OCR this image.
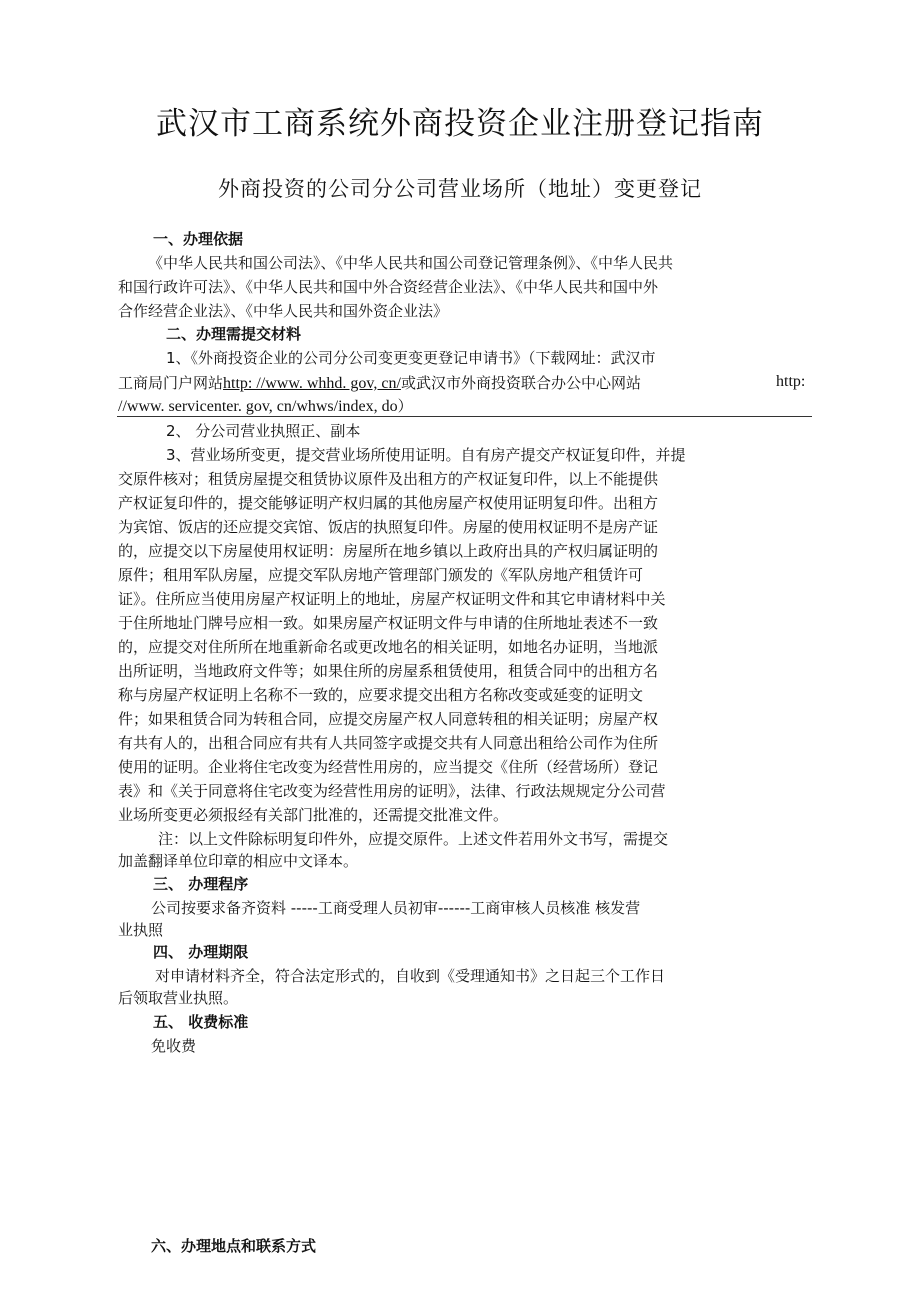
武汉市工商系统外商投资企业注册登记指南
外商投资的公司分公司营业场所（地址）变更登记
一、办理依据
《中华人民共和国公司法》、《中华人民共和国公司登记管理条例》、《中华人民共
和国行政许可法》、《中华人民共和国中外合资经营企业法》、《中华人民共和国中外
合作经营企业法》、《中华人民共和国外资企业法》
二、办理需提交材料
1、《外商投资企业的公司分公司变更变更登记申请书》（下载网址：武汉市
工商局门户网站http: //www. whhd. gov, cn/或武汉市外商投资联合办公中心网站	http:
//www. servicenter. gov, cn/whws/index, do）
2、 分公司营业执照正、副本
3、营业场所变更，提交营业场所使用证明。自有房产提交产权证复印件，并提
交原件核对；租赁房屋提交租赁协议原件及出租方的产权证复印件，以上不能提供
产权证复印件的，提交能够证明产权归属的其他房屋产权使用证明复印件。出租方
为宾馆、饭店的还应提交宾馆、饭店的执照复印件。房屋的使用权证明不是房产证
的，应提交以下房屋使用权证明：房屋所在地乡镇以上政府出具的产权归属证明的
原件；租用军队房屋，应提交军队房地产管理部门颁发的《军队房地产租赁许可
证》。住所应当使用房屋产权证明上的地址，房屋产权证明文件和其它申请材料中关
于住所地址门牌号应相一致。如果房屋产权证明文件与申请的住所地址表述不一致
的，应提交对住所所在地重新命名或更改地名的相关证明，如地名办证明，当地派
出所证明，当地政府文件等；如果住所的房屋系租赁使用，租赁合同中的出租方名
称与房屋产权证明上名称不一致的，应要求提交出租方名称改变或延变的证明文
件；如果租赁合同为转租合同，应提交房屋产权人同意转租的相关证明；房屋产权
有共有人的，出租合同应有共有人共同签字或提交共有人同意出租给公司作为住所
使用的证明。企业将住宅改变为经营性用房的，应当提交《住所（经营场所）登记
表》和《关于同意将住宅改变为经营性用房的证明》，法律、行政法规规定分公司营
业场所变更必须报经有关部门批准的，还需提交批准文件。
注：以上文件除标明复印件外，应提交原件。上述文件若用外文书写，需提交
加盖翻译单位印章的相应中文译本。
三、 办理程序
公司按要求备齐资料 -----工商受理人员初审------工商审核人员核准 核发营
业执照
四、 办理期限
对申请材料齐全，符合法定形式的，自收到《受理通知书》之日起三个工作日
后领取营业执照。
五、 收费标准
免收费
六、办理地点和联系方式
